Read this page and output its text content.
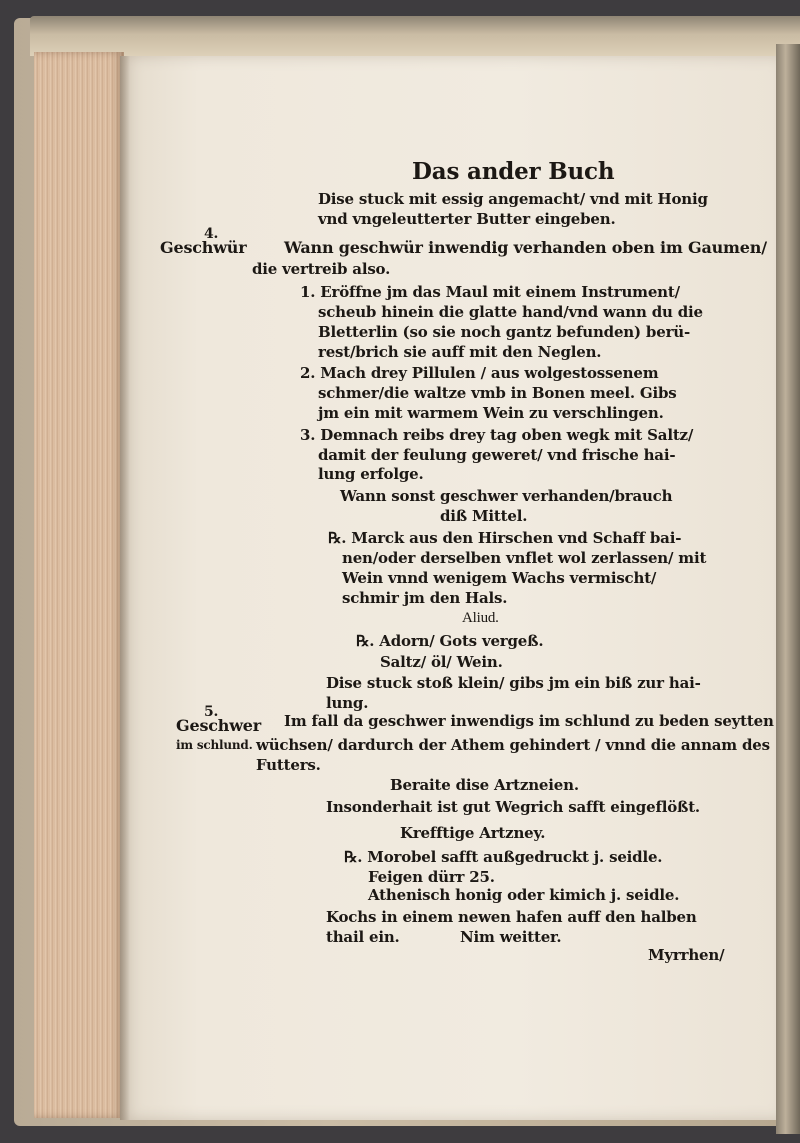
Das ander Buch
Dise stuck mit essig angemacht/ vnd mit Honig
vnd vngeleutterter Butter eingeben.
4.
Geschwür Wann geschwür inwendig verhanden oben im Gaumen/
die vertreib also.
1. Eröffne jm das Maul mit einem Instrument/
scheub hinein die glatte hand/vnd wann du die
Bletterlin (so sie noch gantz befunden) berü-
rest/brich sie auff mit den Neglen.
2. Mach drey Pillulen / aus wolgestossenem
schmer/die waltze vmb in Bonen meel. Gibs
jm ein mit warmem Wein zu verschlingen.
3. Demnach reibs drey tag oben wegk mit Saltz/
damit der feulung geweret/ vnd frische hai-
lung erfolge.
Wann sonst geschwer verhanden/brauch
diß Mittel.
℞. Marck aus den Hirschen vnd Schaff bai-
nen/oder derselben vnflet wol zerlassen/ mit
Wein vnnd wenigem Wachs vermischt/
schmir jm den Hals.
Aliud.
℞. Adorn/ Gots vergeß.
Saltz/ öl/ Wein.
Dise stuck stoß klein/ gibs jm ein biß zur hai-
lung.
5.
Geschwer
im schlund.
Im fall da geschwer inwendigs im schlund zu beden seytten
wüchsen/ dardurch der Athem gehindert / vnnd die annam des
Futters.
Beraite dise Artzneien.
Insonderhait ist gut Wegrich safft eingeflößt.
Krefftige Artzney.
℞. Morobel safft außgedruckt j. seidle.
Feigen dürr 25.
Athenisch honig oder kimich j. seidle.
Kochs in einem newen hafen auff den halben
thail ein.	Nim weitter.
Myrrhen/
